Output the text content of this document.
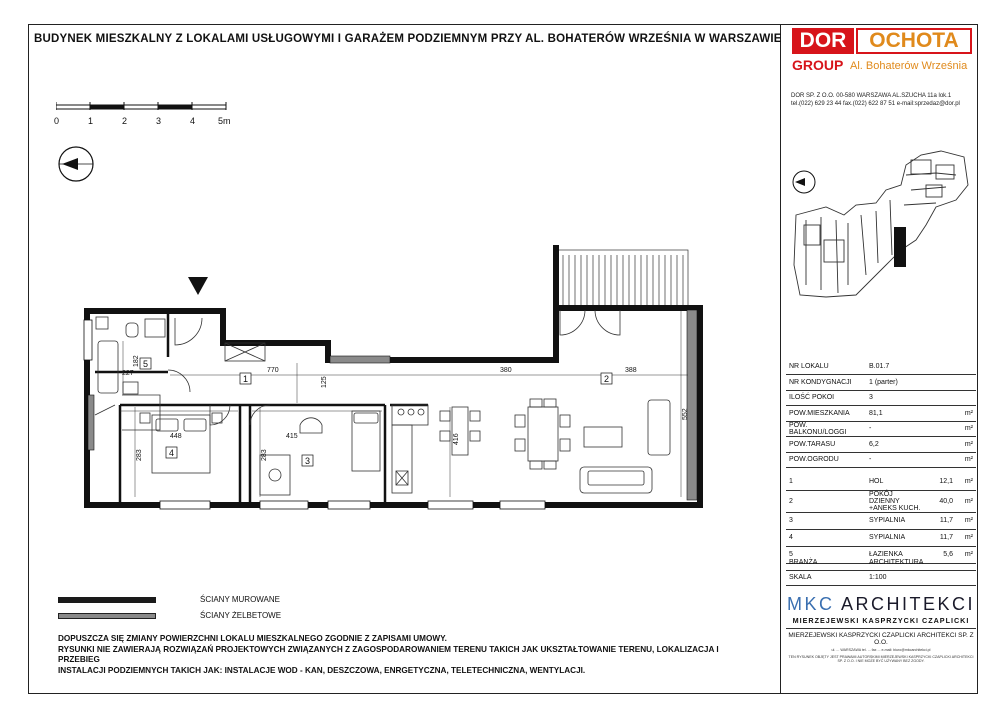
BUDYNEK MIESZKALNY Z LOKALAMI USŁUGOWYMI I GARAŻEM PODZIEMNYM PRZY AL. BOHATERÓW WRZEŚNIA W WARSZAWIE DOR	OCHOTA
GROUP Al. Bohaterów Września
DOR SP. Z O.O. 00-580 WARSZAWA AL.SZUCHA 11a lok.1
tel.(022) 629 23 44 fax.(022) 622 87 51 e-mail:sprzedaz@dor.pl
0	1	2	3	4	5m
NR LOKALU	B.01.7	
NR KONDYGNACJI	1 (parter)	
ILOŚĆ POKOI	3	
POW.MIESZKANIA	81,1	m²
POW. BALKONU/LOGGI	-	m²
POW.TARASU	6,2	m²
POW.OGRODU	-	m²
1	HOL	12,1	m²
2	POKÓJ DZIENNY +ANEKS KUCH.	40,0	m²
3	SYPIALNIA	11,7	m²
4	SYPIALNIA	11,7	m²
5	ŁAZIENKA	5,6	m²
BRANŻA	ARCHITEKTURA
SKALA	1:100
MKC ARCHITEKCI
MIERZEJEWSKI KASPRZYCKI CZAPLICKI
MIERZEJEWSKI KASPRZYCKI CZAPLICKI ARCHITEKCI SP. Z O.O.
ul. ... WARSZAWA tel. ... fax ... e-mail: biuro@mkcarchitekci.pl
TEN RYSUNEK OBJĘTY JEST PRAWAMI AUTORSKIMI MIERZEJEWSKI KASPRZYCKI CZAPLICKI ARCHITEKCI SP. Z O.O. I NIE MOŻE BYĆ UŻYWANY BEZ ZGODY.
ŚCIANY MUROWANE
ŚCIANY ŻELBETOWE
DOPUSZCZA SIĘ ZMIANY POWIERZCHNI LOKALU MIESZKALNEGO ZGODNIE Z ZAPISAMI UMOWY.
RYSUNKI NIE ZAWIERAJĄ ROZWIĄZAŃ PROJEKTOWYCH ZWIĄZANYCH Z ZAGOSPODAROWANIEM TERENU TAKICH JAK UKSZTAŁTOWANIE TERENU, LOKALIZACJA I PRZEBIEG
INSTALACJI PODZIEMNYCH TAKICH JAK: INSTALACJE WOD - KAN, DESZCZOWA, ENRGETYCZNA, TELETECHNICZNA, WENTYLACJI.
1	2
3
4
5
770	380	388
448	415
227
182
125
283	283
552
416
